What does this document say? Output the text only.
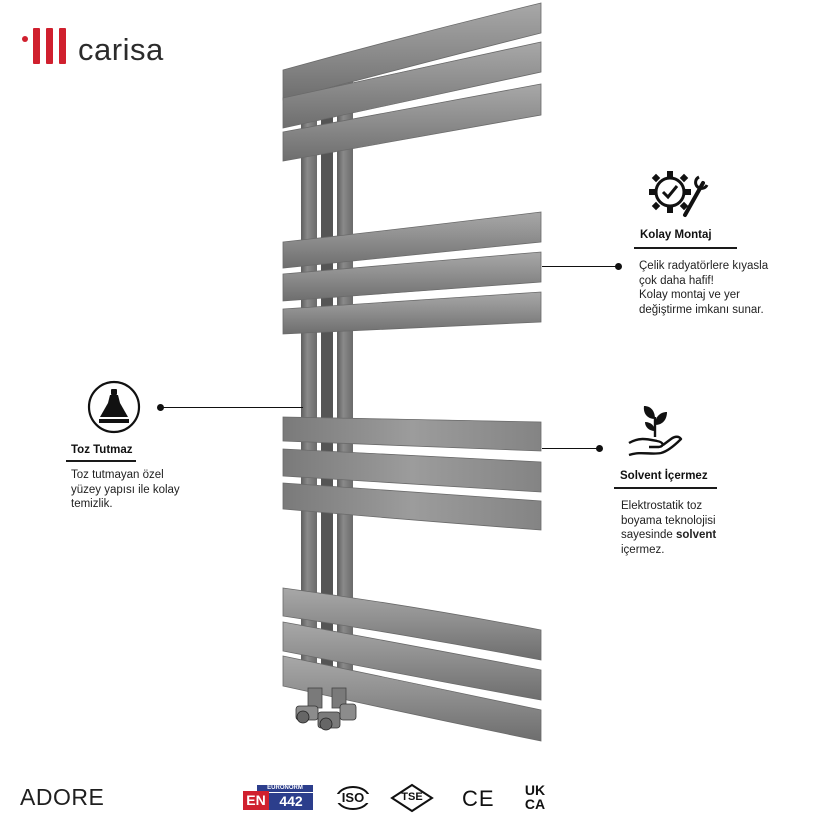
carisa
Kolay Montaj
Çelik radyatörlere kıyasla
çok daha hafif!
Kolay montaj ve yer
değiştirme imkanı sunar.
Toz Tutmaz
Toz tutmayan özel
yüzey yapısı ile kolay
temizlik.
Solvent İçermez
Elektrostatik toz
boyama teknolojisi
sayesinde solvent
içermez.
ADORE	EURONORM
EN 442	ISO	TSE	CE	UK
CA
